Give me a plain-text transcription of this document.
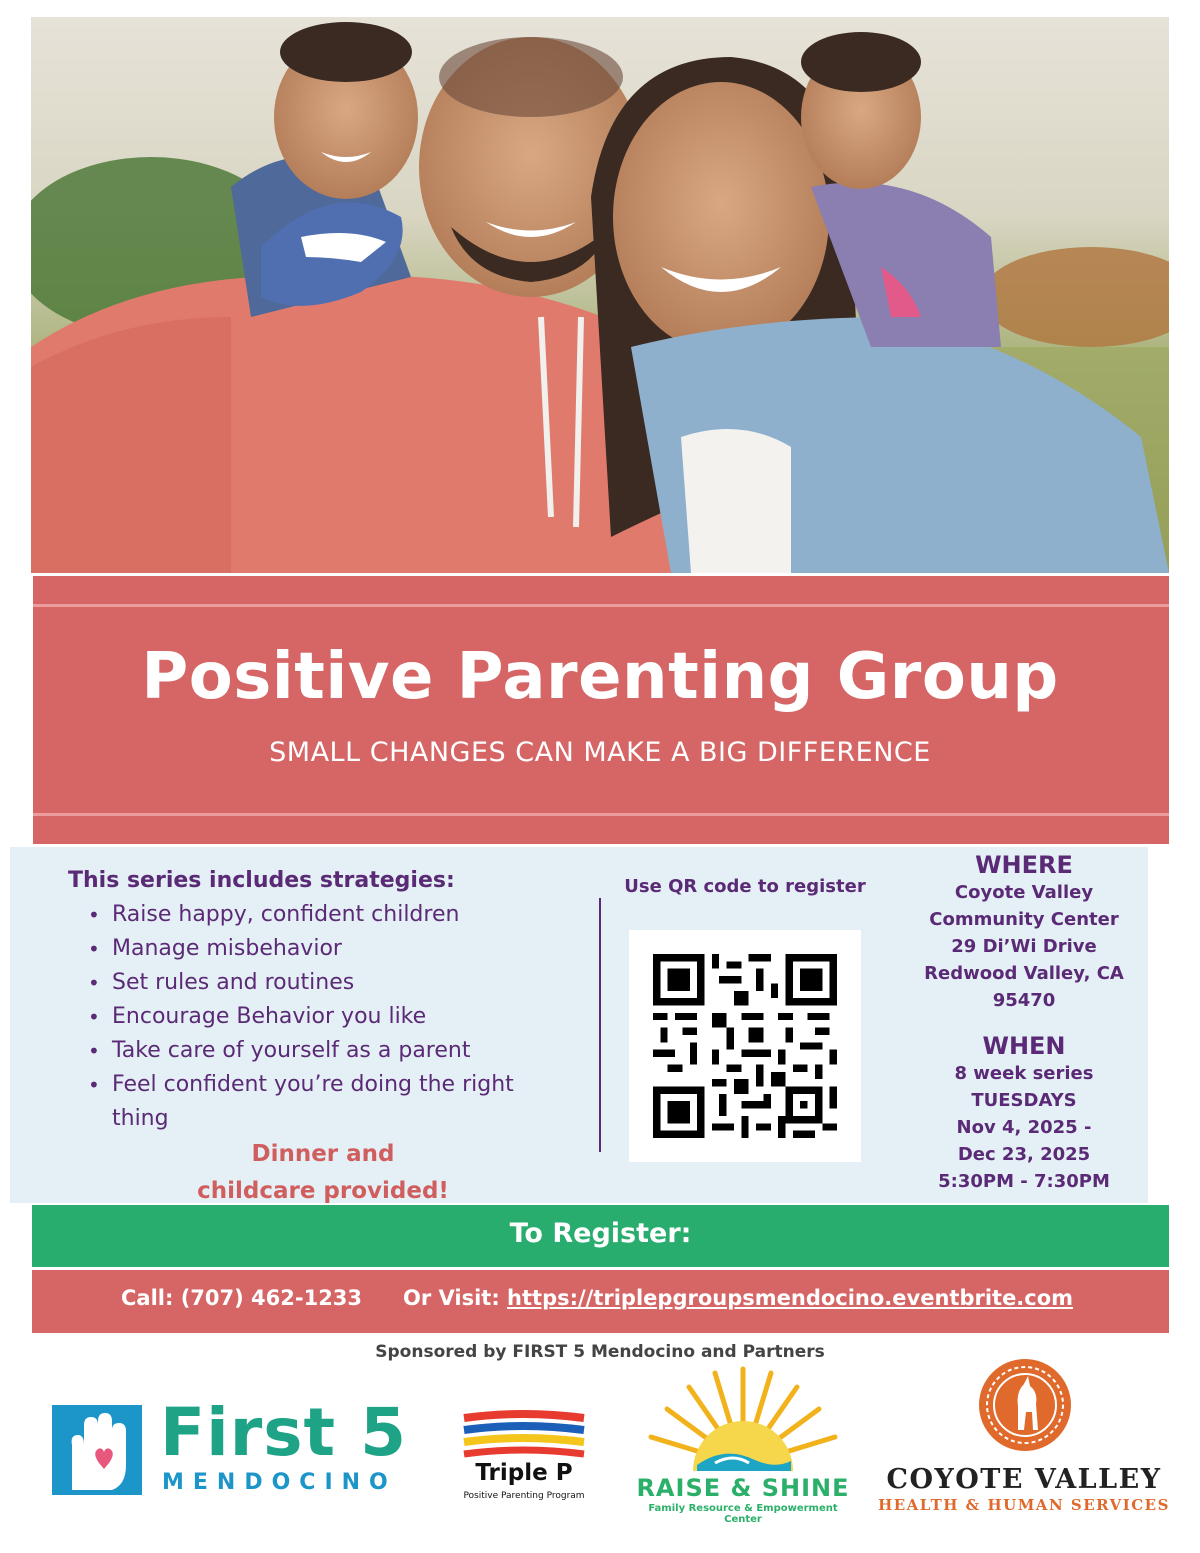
Positive Parenting Group
SMALL CHANGES CAN MAKE A BIG DIFFERENCE
This series includes strategies:
• Raise happy, confident children
• Manage misbehavior
• Set rules and routines
• Encourage Behavior you like
• Take care of yourself as a parent
• Feel confident you’re doing the right thing
Dinner and
childcare provided!
Use QR code to register
WHERE
Coyote Valley
Community Center
29 Di’Wi Drive
Redwood Valley, CA
95470
WHEN
8 week series
TUESDAYS
Nov 4, 2025 -
Dec 23, 2025
5:30PM - 7:30PM
To Register:
Call: (707) 462-1233 Or Visit: https://triplepgroupsmendocino.eventbrite.com
Sponsored by FIRST 5 Mendocino and Partners
First 5
MENDOCINO	Triple P
Positive Parenting Program	RAISE & SHINE
Family Resource & Empowerment Center
COYOTE VALLEY
HEALTH & HUMAN SERVICES
